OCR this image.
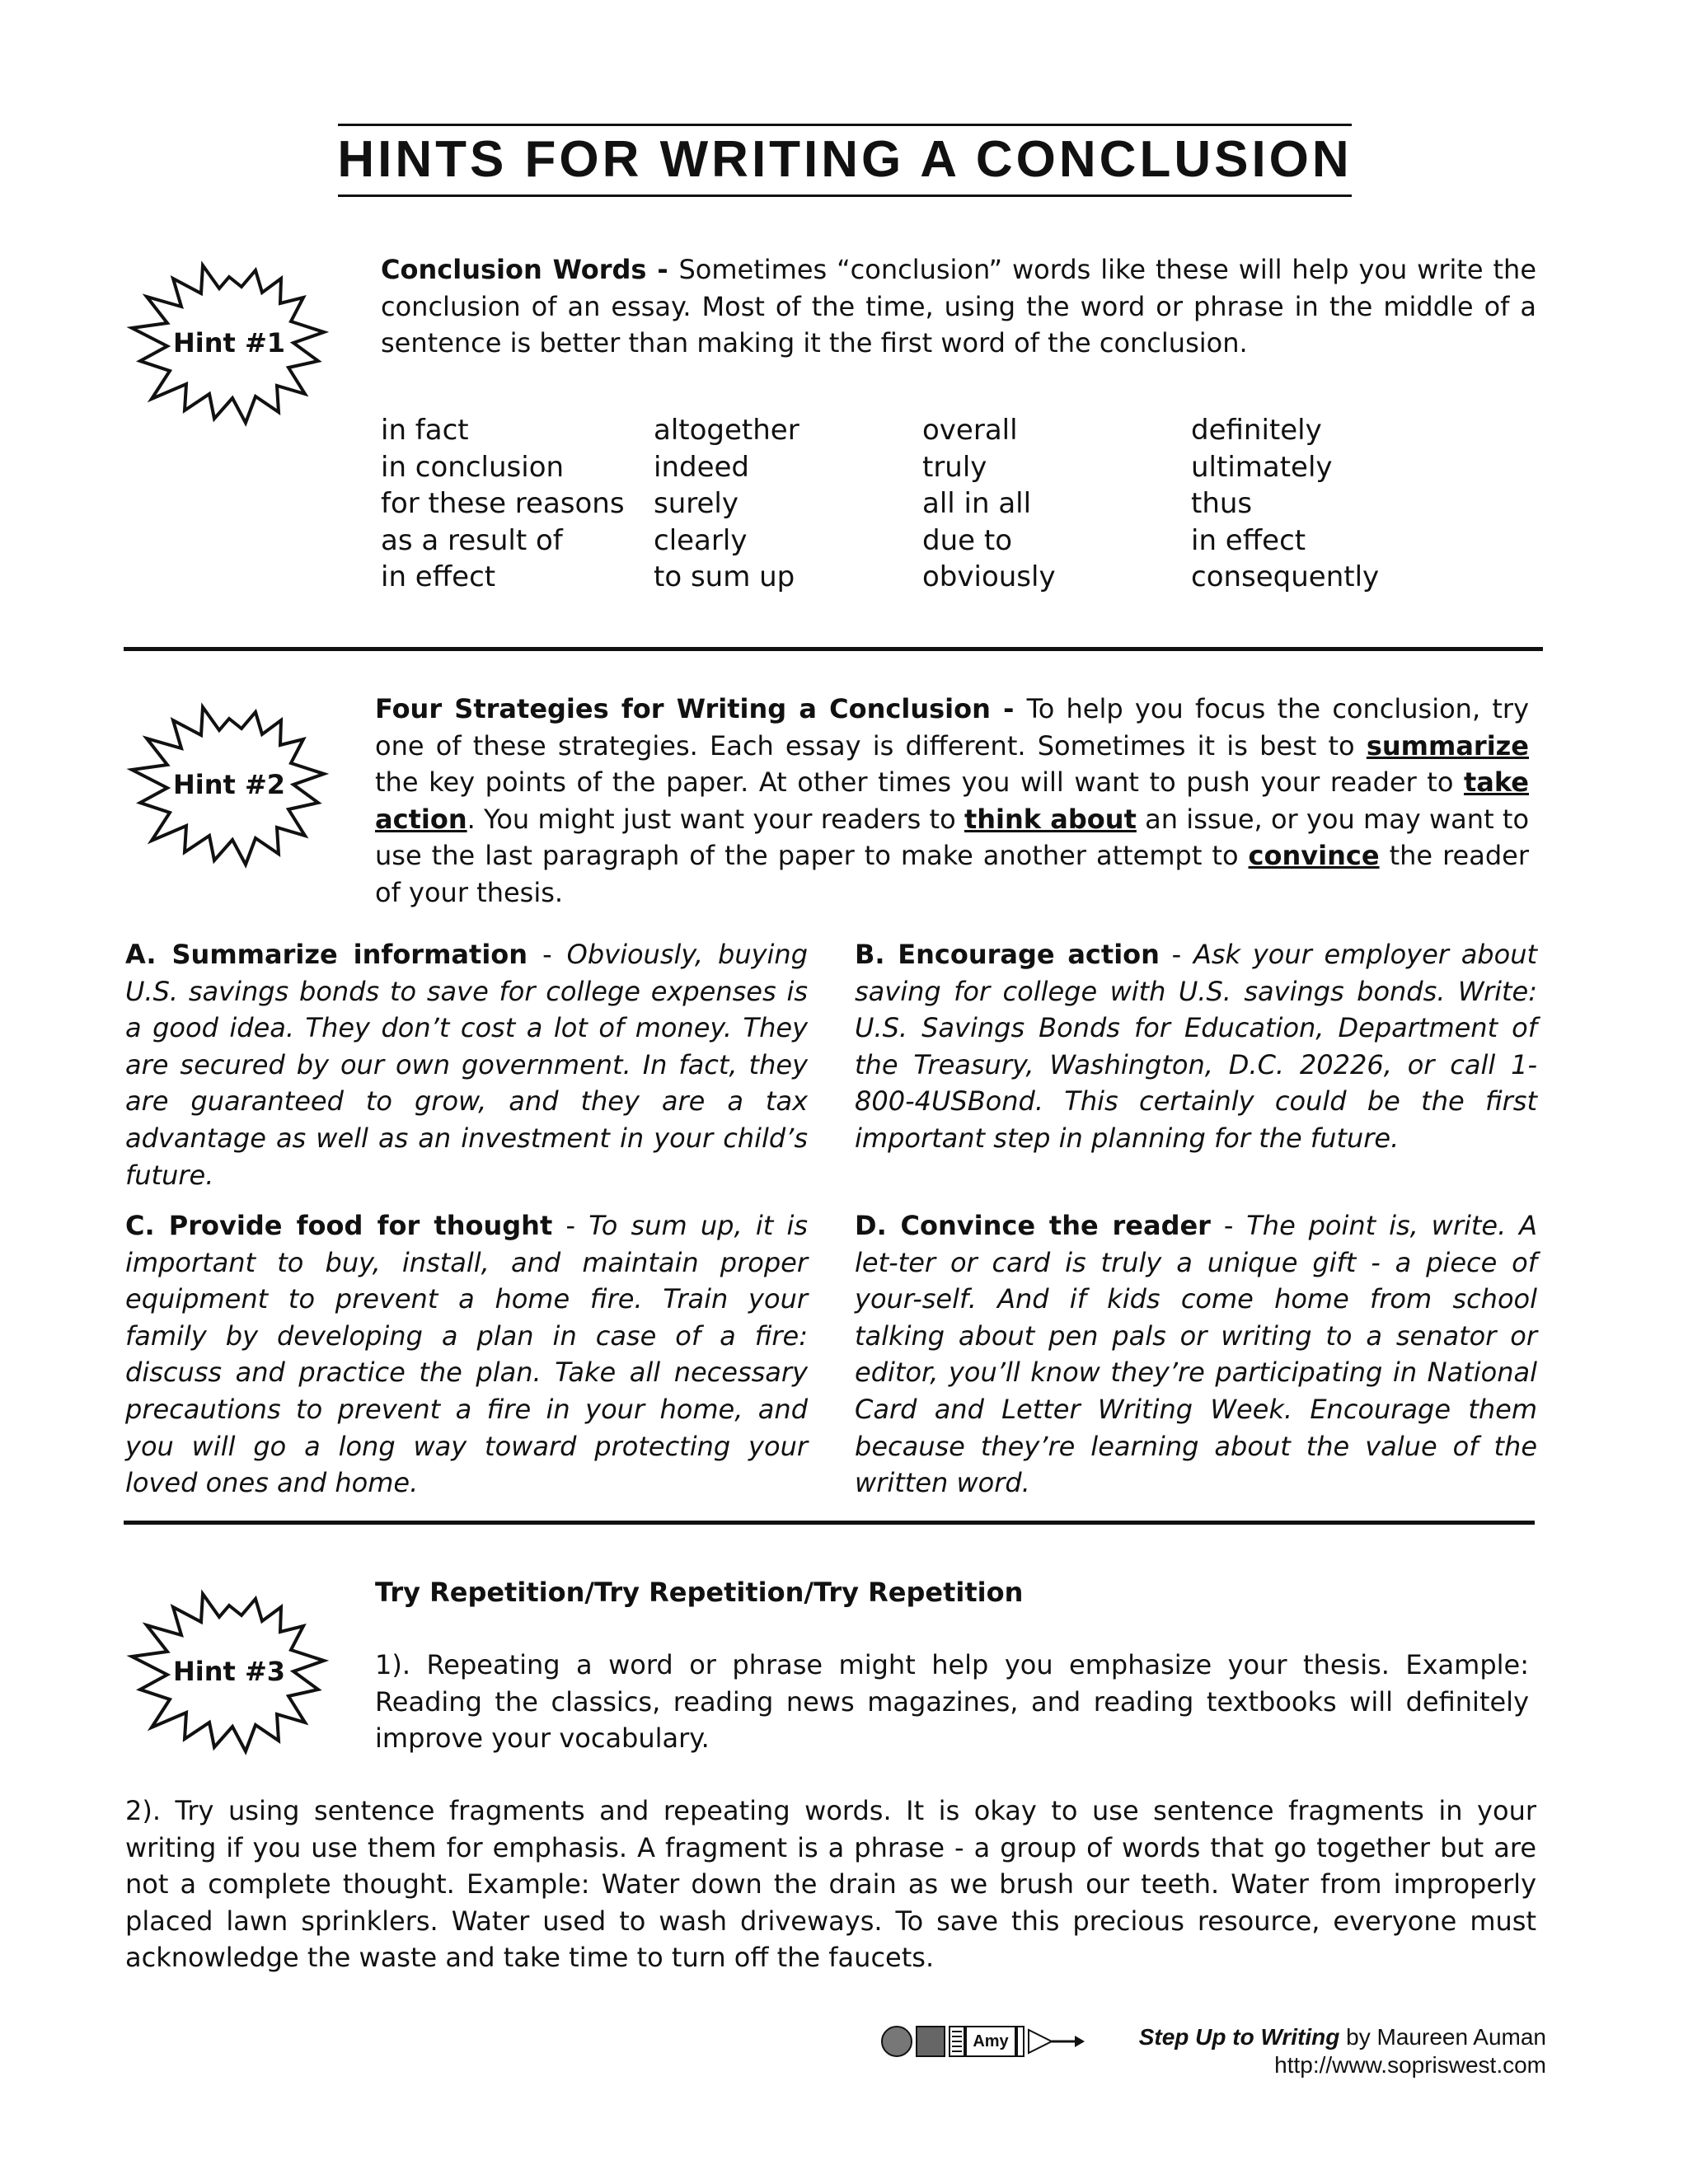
HINTS FOR WRITING A CONCLUSION
Hint #1
Conclusion Words - Sometimes “conclusion” words like these will help you write the conclusion of an essay. Most of the time, using the word or phrase in the middle of a sentence is better than making it the first word of the conclusion.
in fact
in conclusion
for these reasons
as a result of
in effect
altogether
indeed
surely
clearly
to sum up
overall
truly
all in all
due to
obviously
definitely
ultimately
thus
in effect
consequently
Hint #2
Four Strategies for Writing a Conclusion - To help you focus the conclusion, try one of these strategies. Each essay is different. Sometimes it is best to summarize the key points of the paper. At other times you will want to push your reader to take action. You might just want your readers to think about an issue, or you may want to use the last paragraph of the paper to make another attempt to convince the reader of your thesis.
A. Summarize information - Obviously, buying U.S. savings bonds to save for college expenses is a good idea. They don’t cost a lot of money. They are secured by our own government. In fact, they are guaranteed to grow, and they are a tax advantage as well as an investment in your child’s future.
B. Encourage action - Ask your employer about saving for college with U.S. savings bonds. Write: U.S. Savings Bonds for Education, Department of the Treasury, Washington, D.C. 20226, or call 1-800-4USBond. This certainly could be the first important step in planning for the future.
C. Provide food for thought - To sum up, it is important to buy, install, and maintain proper equipment to prevent a home fire. Train your family by developing a plan in case of a fire: discuss and practice the plan. Take all necessary precautions to prevent a fire in your home, and you will go a long way toward protecting your loved ones and home.
D. Convince the reader - The point is, write. A let-ter or card is truly a unique gift - a piece of your-self. And if kids come home from school talking about pen pals or writing to a senator or editor, you’ll know they’re participating in National Card and Letter Writing Week. Encourage them because they’re learning about the value of the written word.
Hint #3
Try Repetition/Try Repetition/Try Repetition
1). Repeating a word or phrase might help you emphasize your thesis. Example: Reading the classics, reading news magazines, and reading textbooks will definitely improve your vocabulary.
2). Try using sentence fragments and repeating words. It is okay to use sentence fragments in your writing if you use them for emphasis. A fragment is a phrase - a group of words that go together but are not a complete thought. Example: Water down the drain as we brush our teeth. Water from improperly placed lawn sprinklers. Water used to wash driveways. To save this precious resource, everyone must acknowledge the waste and take time to turn off the faucets.
Amy	Step Up to Writing by Maureen Auman
http://www.sopriswest.com
